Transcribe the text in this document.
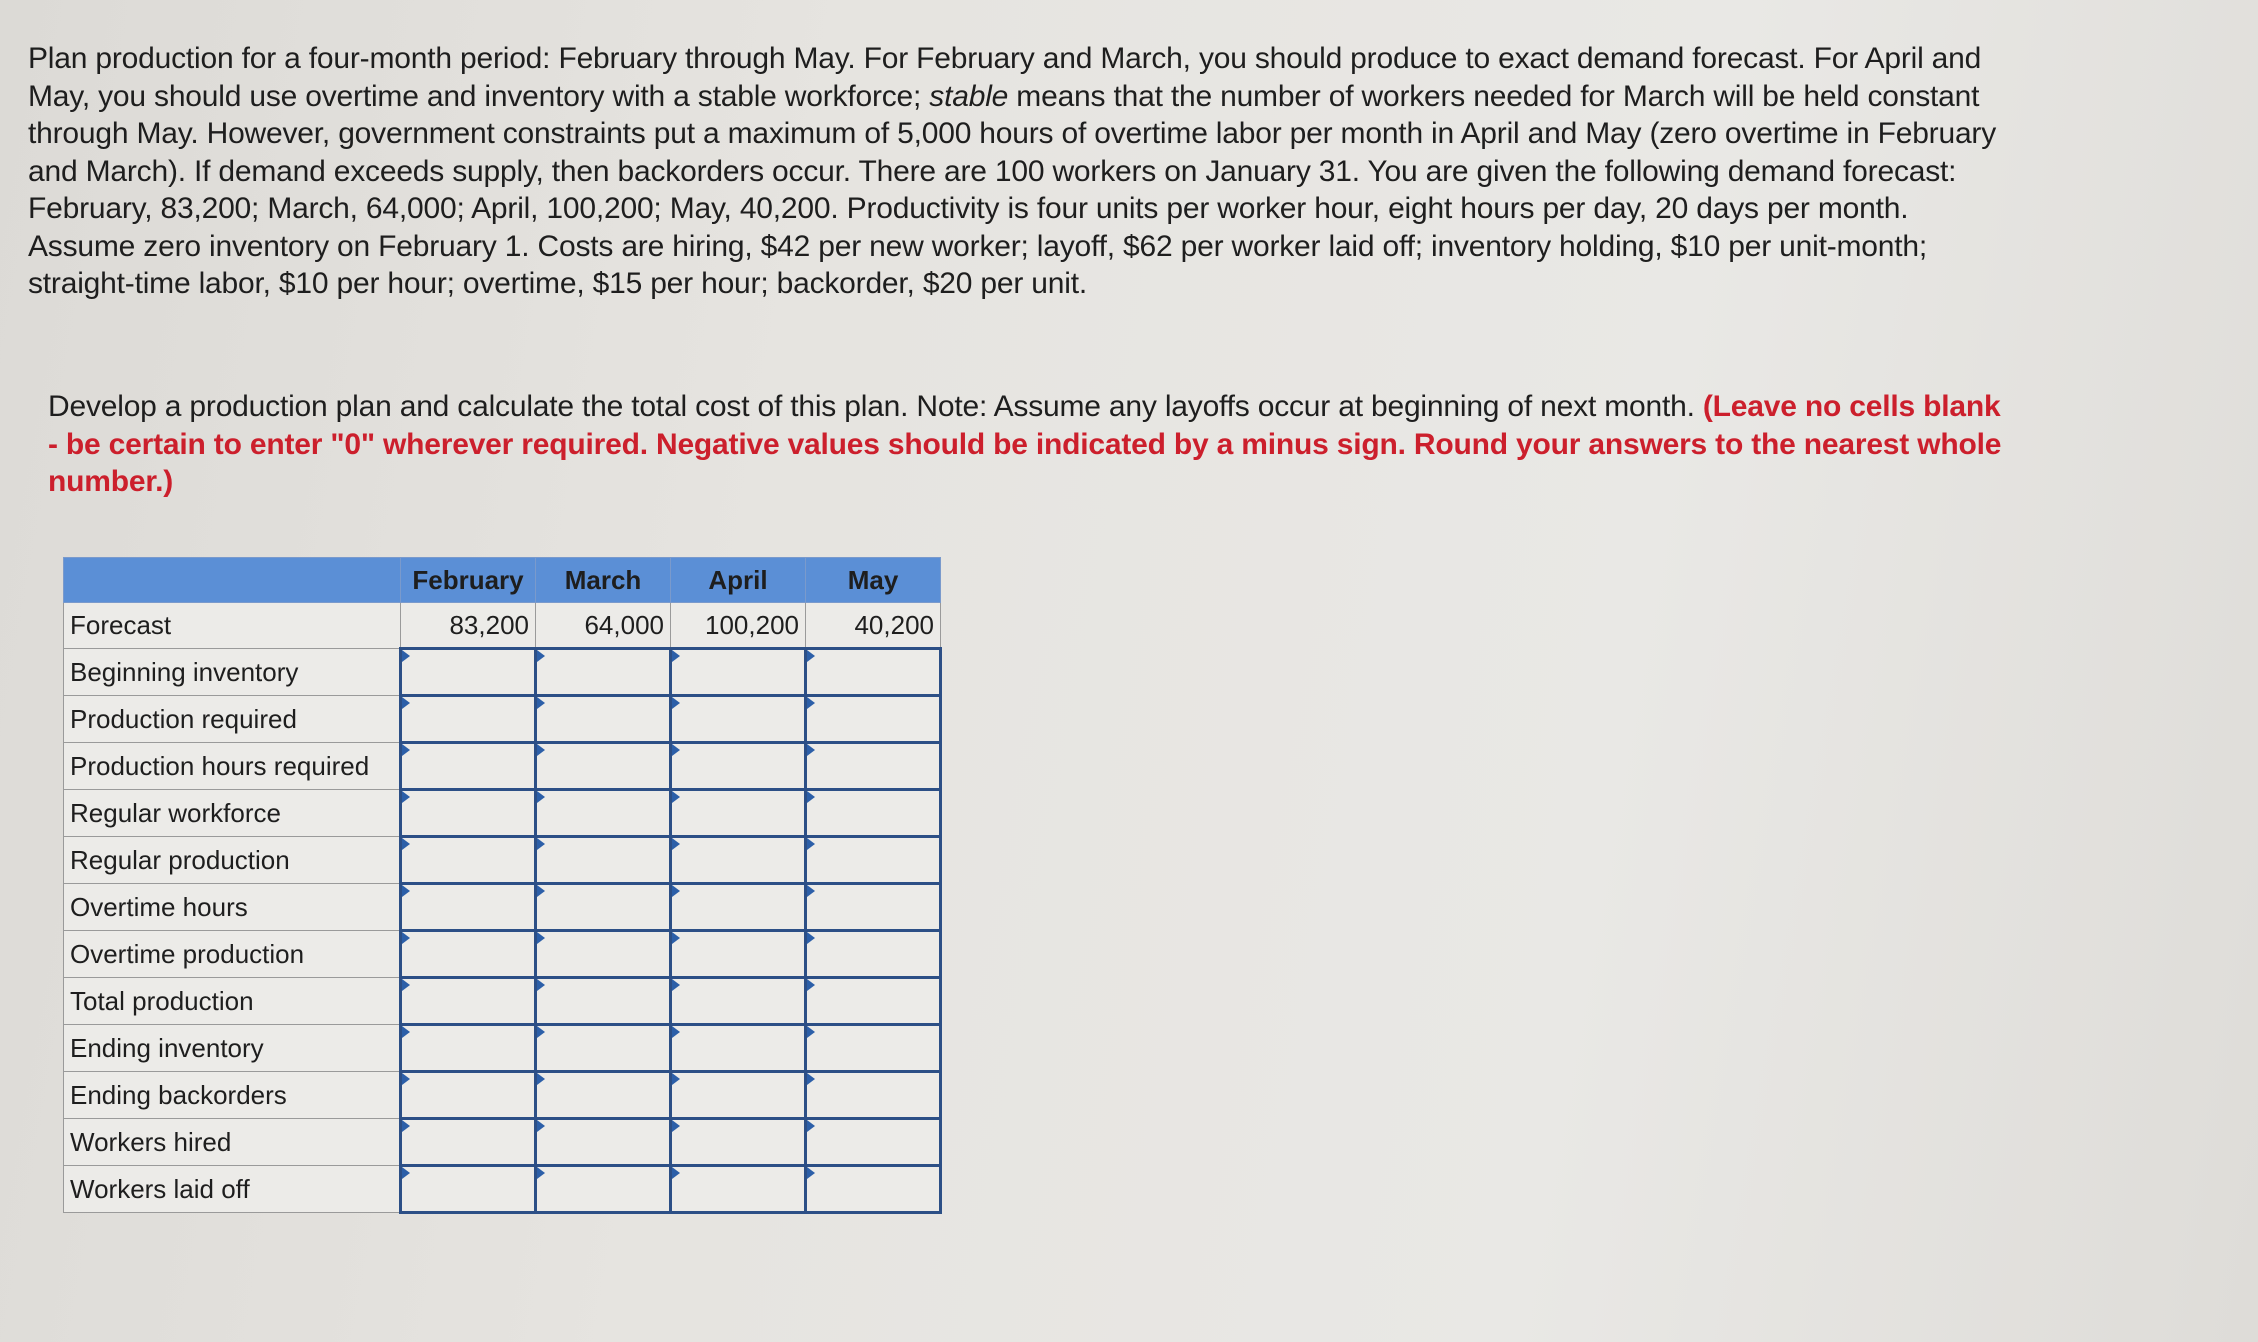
Plan production for a four-month period: February through May. For February and March, you should produce to exact demand forecast. For April and May, you should use overtime and inventory with a stable workforce; stable means that the number of workers needed for March will be held constant through May. However, government constraints put a maximum of 5,000 hours of overtime labor per month in April and May (zero overtime in February and March). If demand exceeds supply, then backorders occur. There are 100 workers on January 31. You are given the following demand forecast: February, 83,200; March, 64,000; April, 100,200; May, 40,200. Productivity is four units per worker hour, eight hours per day, 20 days per month. Assume zero inventory on February 1. Costs are hiring, $42 per new worker; layoff, $62 per worker laid off; inventory holding, $10 per unit-month; straight-time labor, $10 per hour; overtime, $15 per hour; backorder, $20 per unit.
Develop a production plan and calculate the total cost of this plan. Note: Assume any layoffs occur at beginning of next month. (Leave no cells blank - be certain to enter "0" wherever required. Negative values should be indicated by a minus sign. Round your answers to the nearest whole number.)
	February	March	April	May
Forecast	83,200	64,000	100,200	40,200
Beginning inventory	

Production required	

Production hours required	

Regular workforce	

Regular production	

Overtime hours	

Overtime production	

Total production	

Ending inventory	

Ending backorders	

Workers hired	

Workers laid off	
